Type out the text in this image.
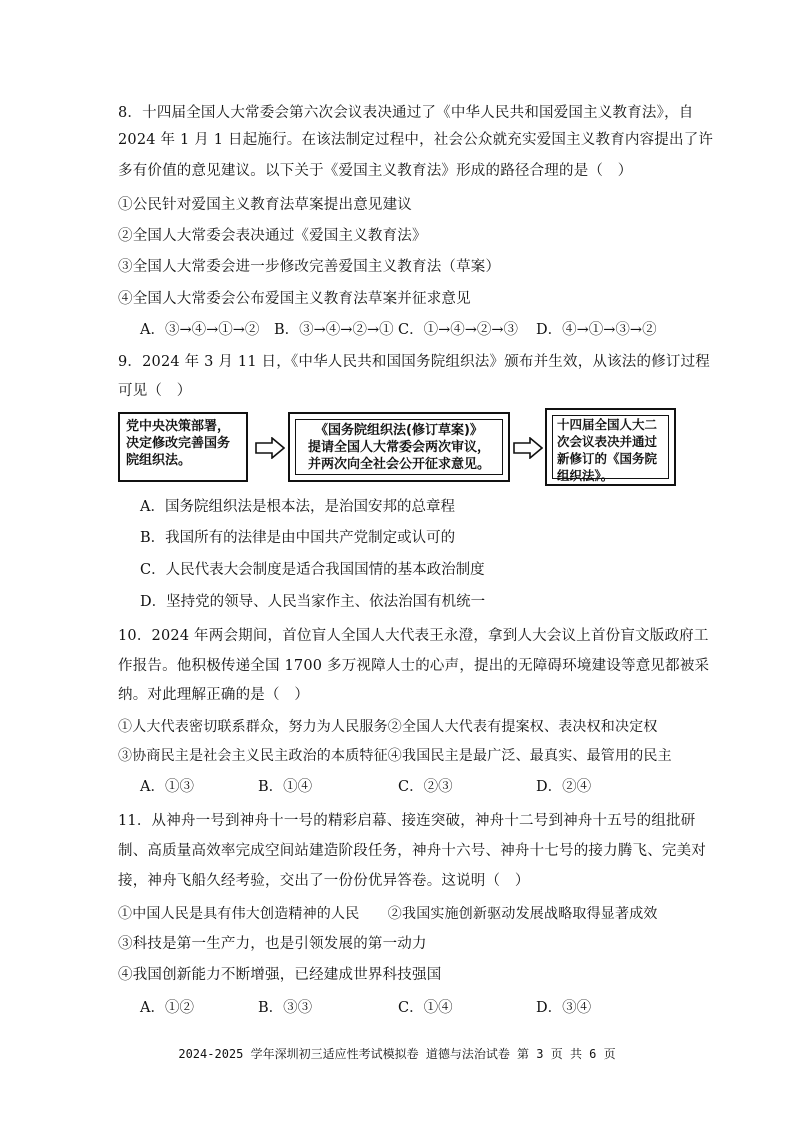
8．十四届全国人大常委会第六次会议表决通过了《中华人民共和国爱国主义教育法》，自
2024 年 1 月 1 日起施行。在该法制定过程中，社会公众就充实爱国主义教育内容提出了许
多有价值的意见建议。以下关于《爱国主义教育法》形成的路径合理的是（　）
①公民针对爱国主义教育法草案提出意见建议
②全国人大常委会表决通过《爱国主义教育法》
③全国人大常委会进一步修改完善爱国主义教育法（草案）
④全国人大常委会公布爱国主义教育法草案并征求意见
A．③→④→①→② B．③→④→②→① C．①→④→②→③ D．④→①→③→②
9．2024 年 3 月 11 日，《中华人民共和国国务院组织法》颁布并生效，从该法的修订过程
可见（　）
党中央决策部署，
决定修改完善国务
院组织法。
《国务院组织法(修订草案)》
提请全国人大常委会两次审议，
并两次向全社会公开征求意见。
十四届全国人大二
次会议表决并通过
新修订的《国务院
组织法》。
A．国务院组织法是根本法，是治国安邦的总章程
B．我国所有的法律是由中国共产党制定或认可的
C．人民代表大会制度是适合我国国情的基本政治制度
D．坚持党的领导、人民当家作主、依法治国有机统一
10．2024 年两会期间，首位盲人全国人大代表王永澄，拿到人大会议上首份盲文版政府工
作报告。他积极传递全国 1700 多万视障人士的心声，提出的无障碍环境建设等意见都被采
纳。对此理解正确的是（　）
①人大代表密切联系群众，努力为人民服务②全国人大代表有提案权、表决权和决定权
③协商民主是社会主义民主政治的本质特征④我国民主是最广泛、最真实、最管用的民主
A．①③	B．①④	C．②③	D．②④
11．从神舟一号到神舟十一号的精彩启幕、接连突破，神舟十二号到神舟十五号的组批研
制、高质量高效率完成空间站建造阶段任务，神舟十六号、神舟十七号的接力腾飞、完美对
接，神舟飞船久经考验，交出了一份份优异答卷。这说明（　）
①中国人民是具有伟大创造精神的人民　　②我国实施创新驱动发展战略取得显著成效
③科技是第一生产力，也是引领发展的第一动力
④我国创新能力不断增强，已经建成世界科技强国
A．①②	B．③③	C．①④	D．③④
2024-2025 学年深圳初三适应性考试模拟卷 道德与法治试卷 第 3 页 共 6 页
